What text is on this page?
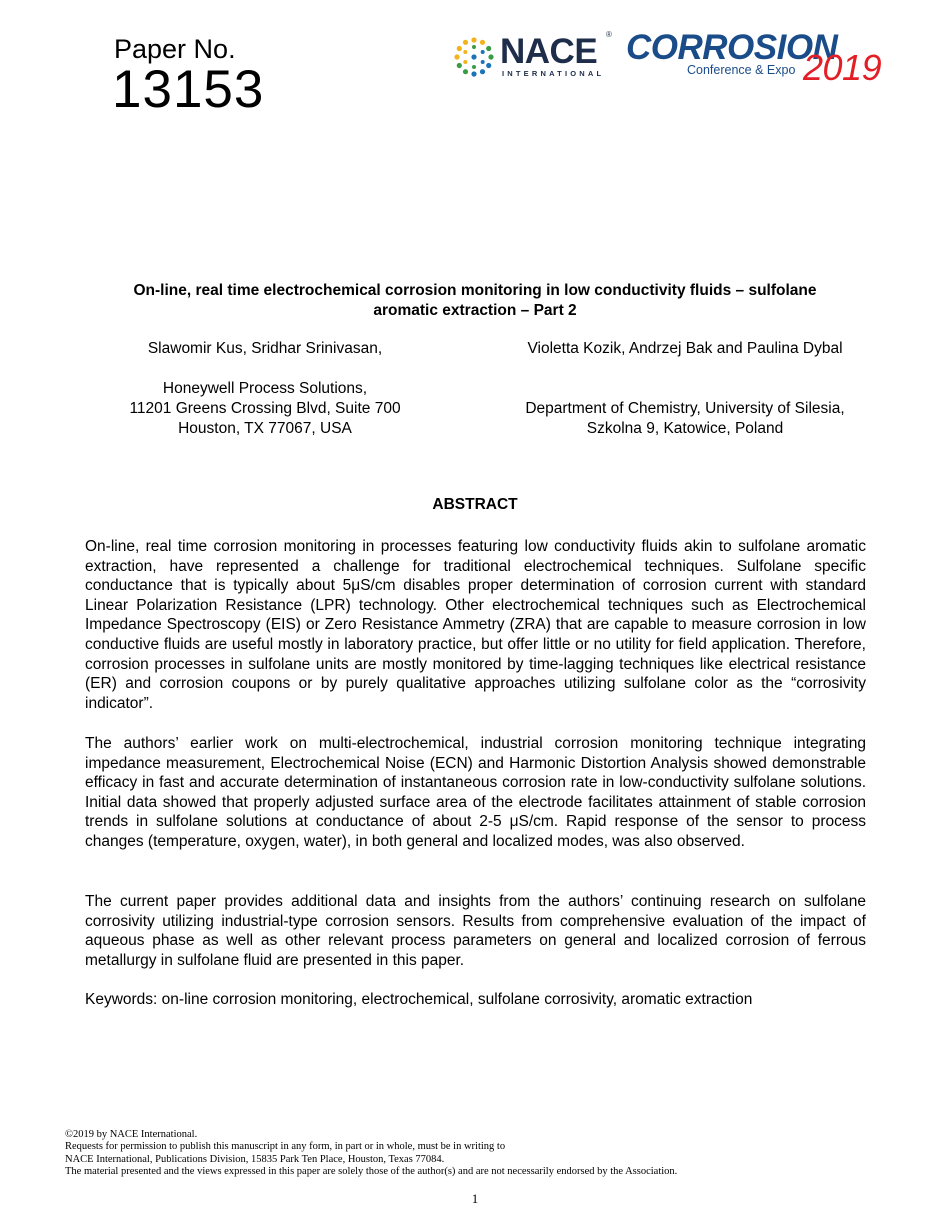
Paper No.
13153
NACE ®
INTERNATIONAL
CORROSION
Conference & Expo 2019
On-line, real time electrochemical corrosion monitoring in low conductivity fluids – sulfolane
aromatic extraction – Part 2
Slawomir Kus, Sridhar Srinivasan,
Honeywell Process Solutions,
11201 Greens Crossing Blvd, Suite 700
Houston, TX 77067, USA
Violetta Kozik, Andrzej Bak and Paulina Dybal
Department of Chemistry, University of Silesia,
Szkolna 9, Katowice, Poland
ABSTRACT

On-line, real time corrosion monitoring in processes featuring low conductivity fluids akin to sulfolane aromatic extraction, have represented a challenge for traditional electrochemical techniques. Sulfolane specific conductance that is typically about 5μS/cm disables proper determination of corrosion current with standard Linear Polarization Resistance (LPR) technology. Other electrochemical techniques such as Electrochemical Impedance Spectroscopy (EIS) or Zero Resistance Ammetry (ZRA) that are capable to measure corrosion in low conductive fluids are useful mostly in laboratory practice, but offer little or no utility for field application. Therefore, corrosion processes in sulfolane units are mostly monitored by time-lagging techniques like electrical resistance (ER) and corrosion coupons or by purely qualitative approaches utilizing sulfolane color as the “corrosivity indicator”.

The authors’ earlier work on multi-electrochemical, industrial corrosion monitoring technique integrating impedance measurement, Electrochemical Noise (ECN) and Harmonic Distortion Analysis showed demonstrable efficacy in fast and accurate determination of instantaneous corrosion rate in low-conductivity sulfolane solutions. Initial data showed that properly adjusted surface area of the electrode facilitates attainment of stable corrosion trends in sulfolane solutions at conductance of about 2-5 μS/cm. Rapid response of the sensor to process changes (temperature, oxygen, water), in both general and localized modes, was also observed.

The current paper provides additional data and insights from the authors’ continuing research on sulfolane corrosivity utilizing industrial-type corrosion sensors. Results from comprehensive evaluation of the impact of aqueous phase as well as other relevant process parameters on general and localized corrosion of ferrous metallurgy in sulfolane fluid are presented in this paper.

Keywords: on-line corrosion monitoring, electrochemical, sulfolane corrosivity, aromatic extraction

©2019 by NACE International.
Requests for permission to publish this manuscript in any form, in part or in whole, must be in writing to
NACE International, Publications Division, 15835 Park Ten Place, Houston, Texas 77084.
The material presented and the views expressed in this paper are solely those of the author(s) and are not necessarily endorsed by the Association.
1
